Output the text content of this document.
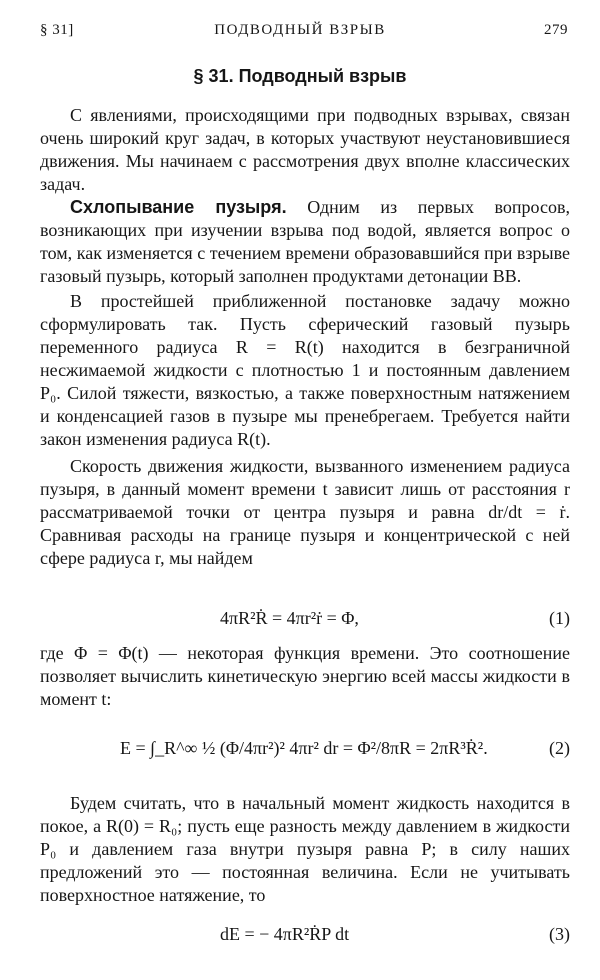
§ 31]	ПОДВОДНЫЙ ВЗРЫВ	279
§ 31. Подводный взрыв

С явлениями, происходящими при подводных взрывах, связан очень широкий круг задач, в которых участвуют неустановившиеся движения. Мы начинаем с рассмотрения двух вполне классических задач.

Схлопывание пузыря. Одним из первых вопросов, возникающих при изучении взрыва под водой, является вопрос о том, как изменяется с течением времени образовавшийся при взрыве газовый пузырь, который заполнен продуктами детонации ВВ.

В простейшей приближенной постановке задачу можно сформулировать так. Пусть сферический газовый пузырь переменного радиуса R = R(t) находится в безграничной несжимаемой жидкости с плотностью 1 и постоянным давлением P₀. Силой тяжести, вязкостью, а также поверхностным натяжением и конденсацией газов в пузыре мы пренебрегаем. Требуется найти закон изменения радиуса R(t).

Скорость движения жидкости, вызванного изменением радиуса пузыря, в данный момент времени t зависит лишь от расстояния r рассматриваемой точки от центра пузыря и равна dr/dt = ṙ. Сравнивая расходы на границе пузыря и концентрической с ней сфере радиуса r, мы найдем

4πR²Ṙ = 4πr²ṙ = Φ,	(1)

где Φ = Φ(t) — некоторая функция времени. Это соотношение позволяет вычислить кинетическую энергию всей массы жидкости в момент t:

E = ∫_R^∞ ½ (Φ/4πr²)² 4πr² dr = Φ²/8πR = 2πR³Ṙ².	(2)

Будем считать, что в начальный момент жидкость находится в покое, а R(0) = R₀; пусть еще разность между давлением в жидкости P₀ и давлением газа внутри пузыря равна P; в силу наших предложений это — постоянная величина. Если не учитывать поверхностное натяжение, то

dE = − 4πR²ṘP dt	(3)
